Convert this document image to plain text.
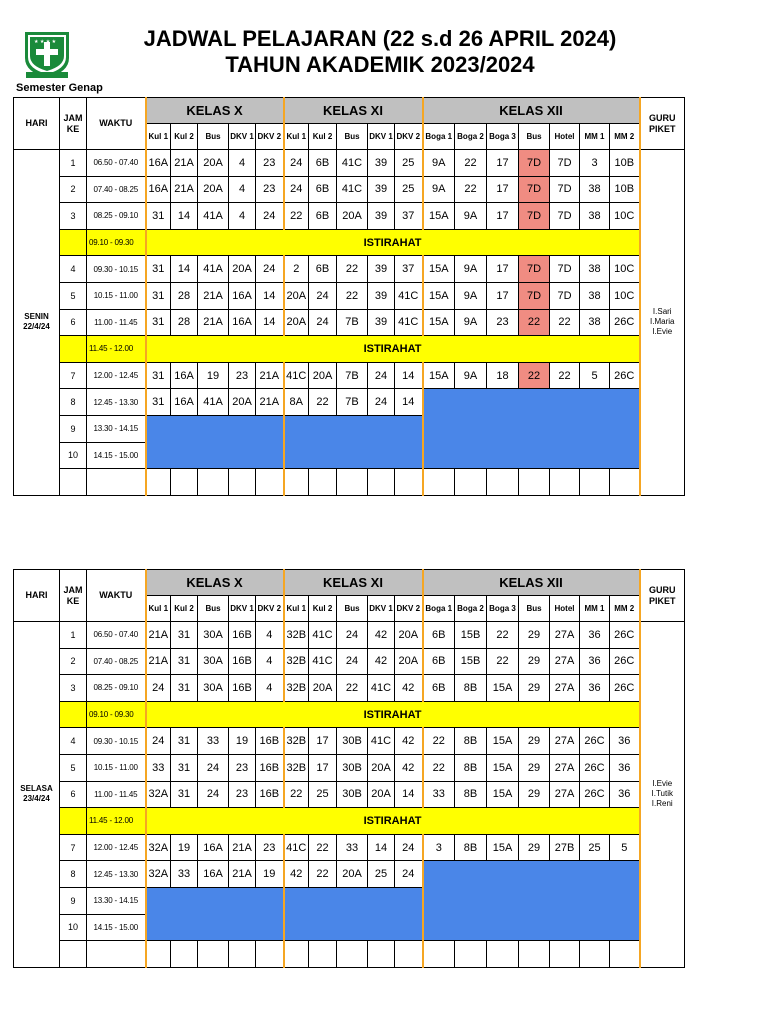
★ ★ ★ ★	JADWAL PELAJARAN (22 s.d 26 APRIL 2024)
TAHUN AKADEMIK 2023/2024
Semester Genap
HARI	JAM KE	WAKTU	KELAS X					KELAS XI					KELAS XII							GURU PIKET
			Kul 1	Kul 2	Bus	DKV 1	DKV 2	Kul 1	Kul 2	Bus	DKV 1	DKV 2	Boga 1	Boga 2	Boga 3	Bus	Hotel	MM 1	MM 2	
SENIN 22/4/24	1	06.50 - 07.40	16A	21A	20A	4	23	24	6B	41C	39	25	9A	22	17	7D	7D	3	10B	I.Sari I.Maria I.Evie
	2	07.40 - 08.25	16A	21A	20A	4	23	24	6B	41C	39	25	9A	22	17	7D	7D	38	10B	
	3	08.25 - 09.10	31	14	41A	4	24	22	6B	20A	39	37	15A	9A	17	7D	7D	38	10C	
		09.10 - 09.30	ISTIRAHAT																	
	4	09.30 - 10.15	31	14	41A	20A	24	2	6B	22	39	37	15A	9A	17	7D	7D	38	10C	
	5	10.15 - 11.00	31	28	21A	16A	14	20A	24	22	39	41C	15A	9A	17	7D	7D	38	10C	
	6	11.00 - 11.45	31	28	21A	16A	14	20A	24	7B	39	41C	15A	9A	23	22	22	38	26C	
		11.45 - 12.00	ISTIRAHAT																	
	7	12.00 - 12.45	31	16A	19	23	21A	41C	20A	7B	24	14	15A	9A	18	22	22	5	26C	
	8	12.45 - 13.30	31	16A	41A	20A	21A	8A	22	7B	24	14								
	9	13.30 - 14.15																		
	10	14.15 - 15.00																		

HARI	JAM KE	WAKTU	KELAS X					KELAS XI					KELAS XII							GURU PIKET
			Kul 1	Kul 2	Bus	DKV 1	DKV 2	Kul 1	Kul 2	Bus	DKV 1	DKV 2	Boga 1	Boga 2	Boga 3	Bus	Hotel	MM 1	MM 2	
SELASA 23/4/24	1	06.50 - 07.40	21A	31	30A	16B	4	32B	41C	24	42	20A	6B	15B	22	29	27A	36	26C	I.Evie I.Tutik I.Reni
	2	07.40 - 08.25	21A	31	30A	16B	4	32B	41C	24	42	20A	6B	15B	22	29	27A	36	26C	
	3	08.25 - 09.10	24	31	30A	16B	4	32B	20A	22	41C	42	6B	8B	15A	29	27A	36	26C	
		09.10 - 09.30	ISTIRAHAT																	
	4	09.30 - 10.15	24	31	33	19	16B	32B	17	30B	41C	42	22	8B	15A	29	27A	26C	36	
	5	10.15 - 11.00	33	31	24	23	16B	32B	17	30B	20A	42	22	8B	15A	29	27A	26C	36	
	6	11.00 - 11.45	32A	31	24	23	16B	22	25	30B	20A	14	33	8B	15A	29	27A	26C	36	
		11.45 - 12.00	ISTIRAHAT																	
	7	12.00 - 12.45	32A	19	16A	21A	23	41C	22	33	14	24	3	8B	15A	29	27B	25	5	
	8	12.45 - 13.30	32A	33	16A	21A	19	42	22	20A	25	24								
	9	13.30 - 14.15																		
	10	14.15 - 15.00																		
